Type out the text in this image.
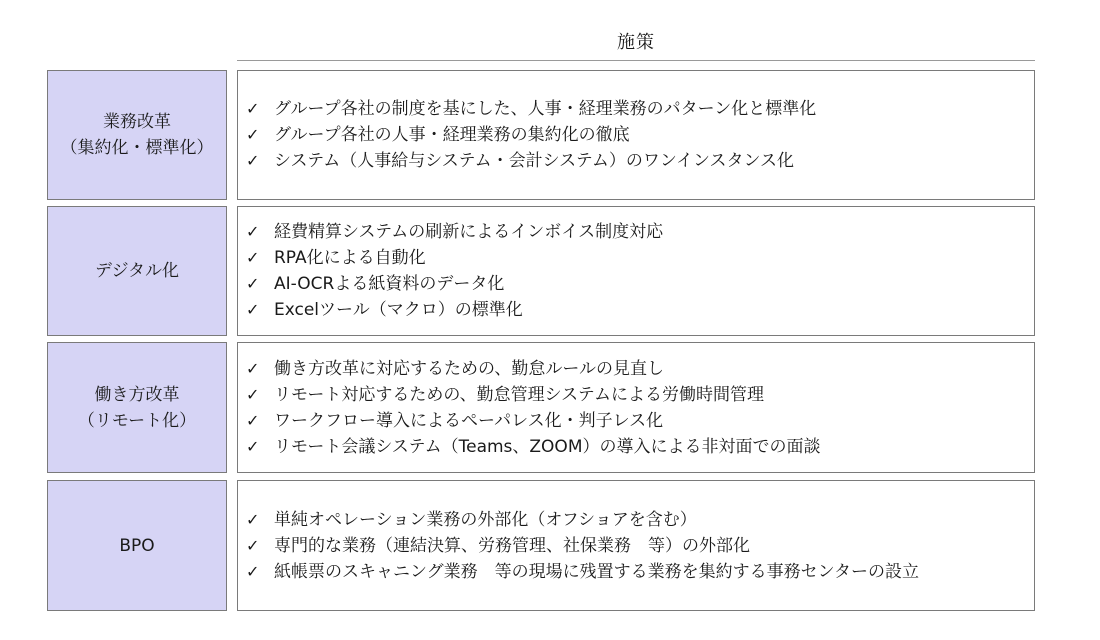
施策
業務改革
（集約化・標準化）
✓ グループ各社の制度を基にした、人事・経理業務のパターン化と標準化
✓ グループ各社の人事・経理業務の集約化の徹底
✓ システム（人事給与システム・会計システム）のワンインスタンス化
デジタル化
✓ 経費精算システムの刷新によるインボイス制度対応
✓ RPA化による自動化
✓ AI-OCRよる紙資料のデータ化
✓ Excelツール（マクロ）の標準化
働き方改革
（リモート化）
✓ 働き方改革に対応するための、勤怠ルールの見直し
✓ リモート対応するための、勤怠管理システムによる労働時間管理
✓ ワークフロー導入によるペーパレス化・判子レス化
✓ リモート会議システム（Teams、ZOOM）の導入による非対面での面談
BPO
✓ 単純オペレーション業務の外部化（オフショアを含む）
✓ 専門的な業務（連結決算、労務管理、社保業務　等）の外部化
✓ 紙帳票のスキャニング業務　等の現場に残置する業務を集約する事務センターの設立
